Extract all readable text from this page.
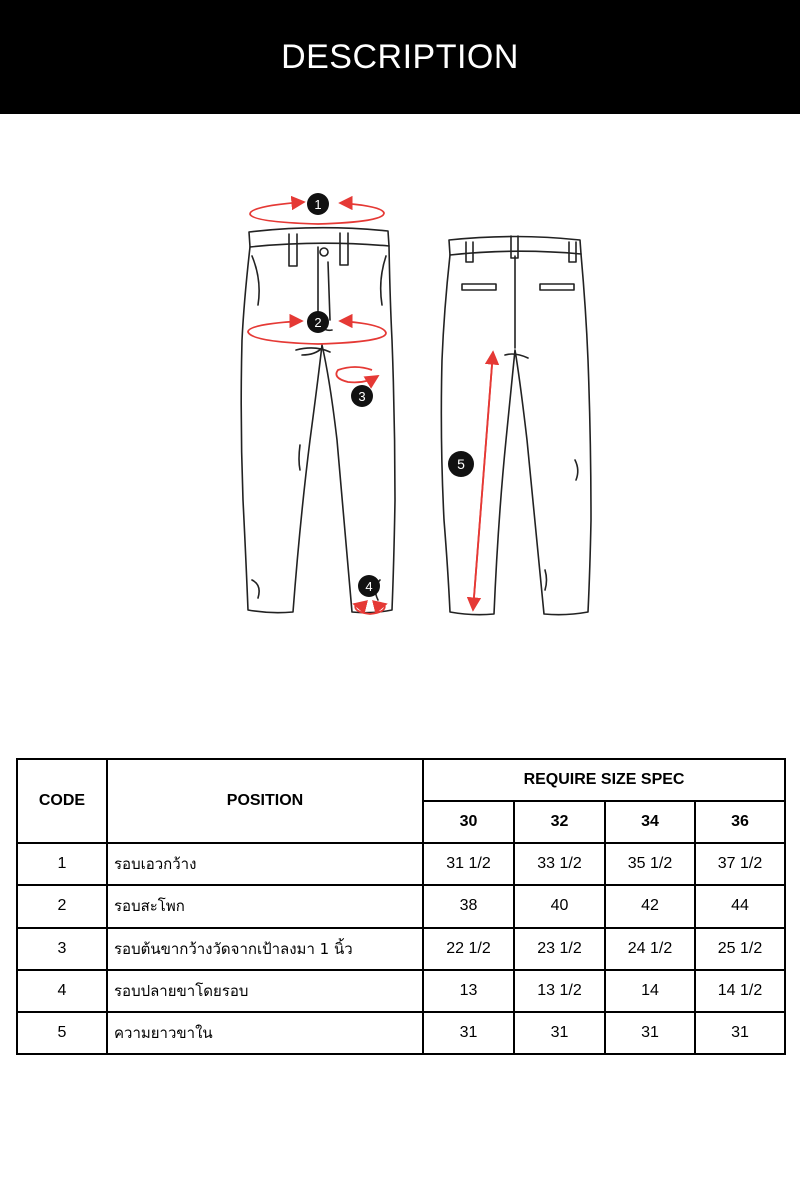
DESCRIPTION
1
2
3
4
5
CODE	POSITION	REQUIRE SIZE SPEC			
		30	32	34	36
1	รอบเอวกว้าง	31 1/2	33 1/2	35 1/2	37 1/2
2	รอบสะโพก	38	40	42	44
3	รอบต้นขากว้างวัดจากเป้าลงมา 1 นิ้ว	22 1/2	23 1/2	24 1/2	25 1/2
4	รอบปลายขาโดยรอบ	13	13 1/2	14	14 1/2
5	ความยาวขาใน	31	31	31	31
